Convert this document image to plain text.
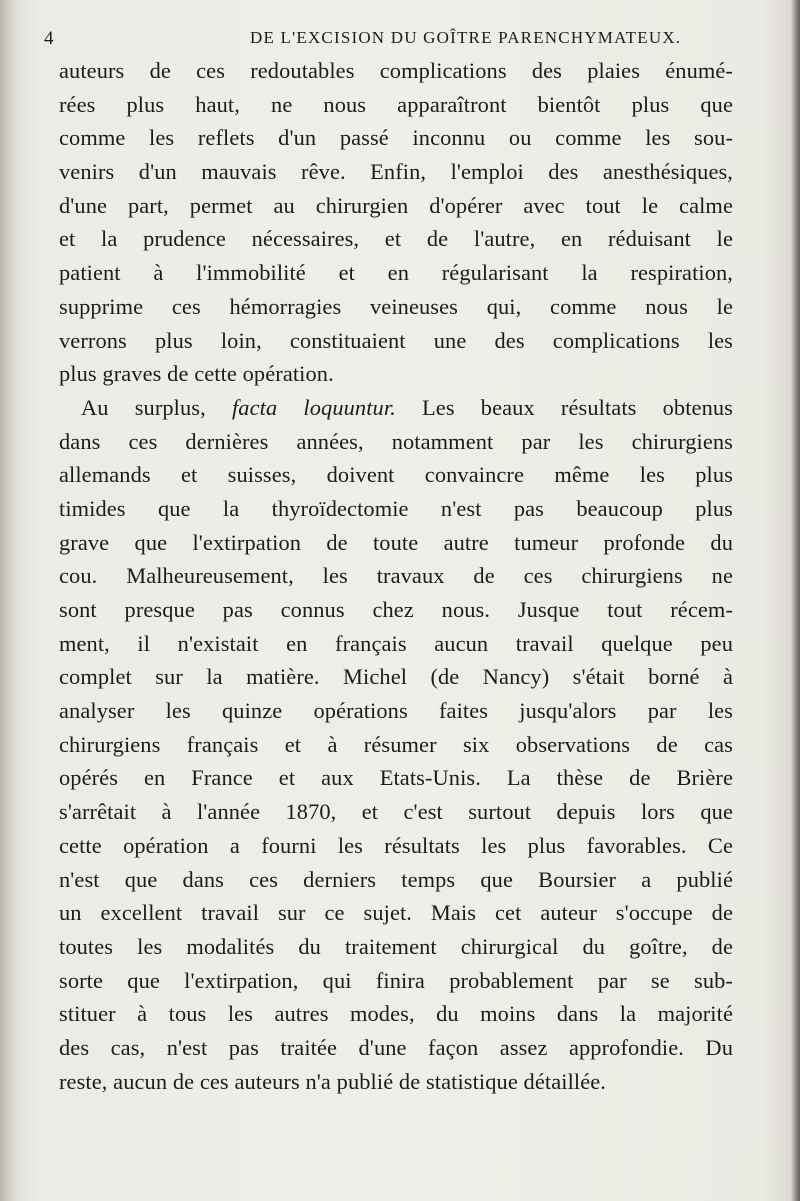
4	DE L'EXCISION DU GOÎTRE PARENCHYMATEUX.
auteurs de ces redoutables complications des plaies énumé-
rées plus haut, ne nous apparaîtront bientôt plus que
comme les reflets d'un passé inconnu ou comme les sou-
venirs d'un mauvais rêve. Enfin, l'emploi des anesthésiques,
d'une part, permet au chirurgien d'opérer avec tout le calme
et la prudence nécessaires, et de l'autre, en réduisant le
patient à l'immobilité et en régularisant la respiration,
supprime ces hémorragies veineuses qui, comme nous le
verrons plus loin, constituaient une des complications les
plus graves de cette opération.
Au surplus, facta loquuntur. Les beaux résultats obtenus
dans ces dernières années, notamment par les chirurgiens
allemands et suisses, doivent convaincre même les plus
timides que la thyroïdectomie n'est pas beaucoup plus
grave que l'extirpation de toute autre tumeur profonde du
cou. Malheureusement, les travaux de ces chirurgiens ne
sont presque pas connus chez nous. Jusque tout récem-
ment, il n'existait en français aucun travail quelque peu
complet sur la matière. Michel (de Nancy) s'était borné à
analyser les quinze opérations faites jusqu'alors par les
chirurgiens français et à résumer six observations de cas
opérés en France et aux Etats-Unis. La thèse de Brière
s'arrêtait à l'année 1870, et c'est surtout depuis lors que
cette opération a fourni les résultats les plus favorables. Ce
n'est que dans ces derniers temps que Boursier a publié
un excellent travail sur ce sujet. Mais cet auteur s'occupe de
toutes les modalités du traitement chirurgical du goître, de
sorte que l'extirpation, qui finira probablement par se sub-
stituer à tous les autres modes, du moins dans la majorité
des cas, n'est pas traitée d'une façon assez approfondie. Du
reste, aucun de ces auteurs n'a publié de statistique détaillée.
